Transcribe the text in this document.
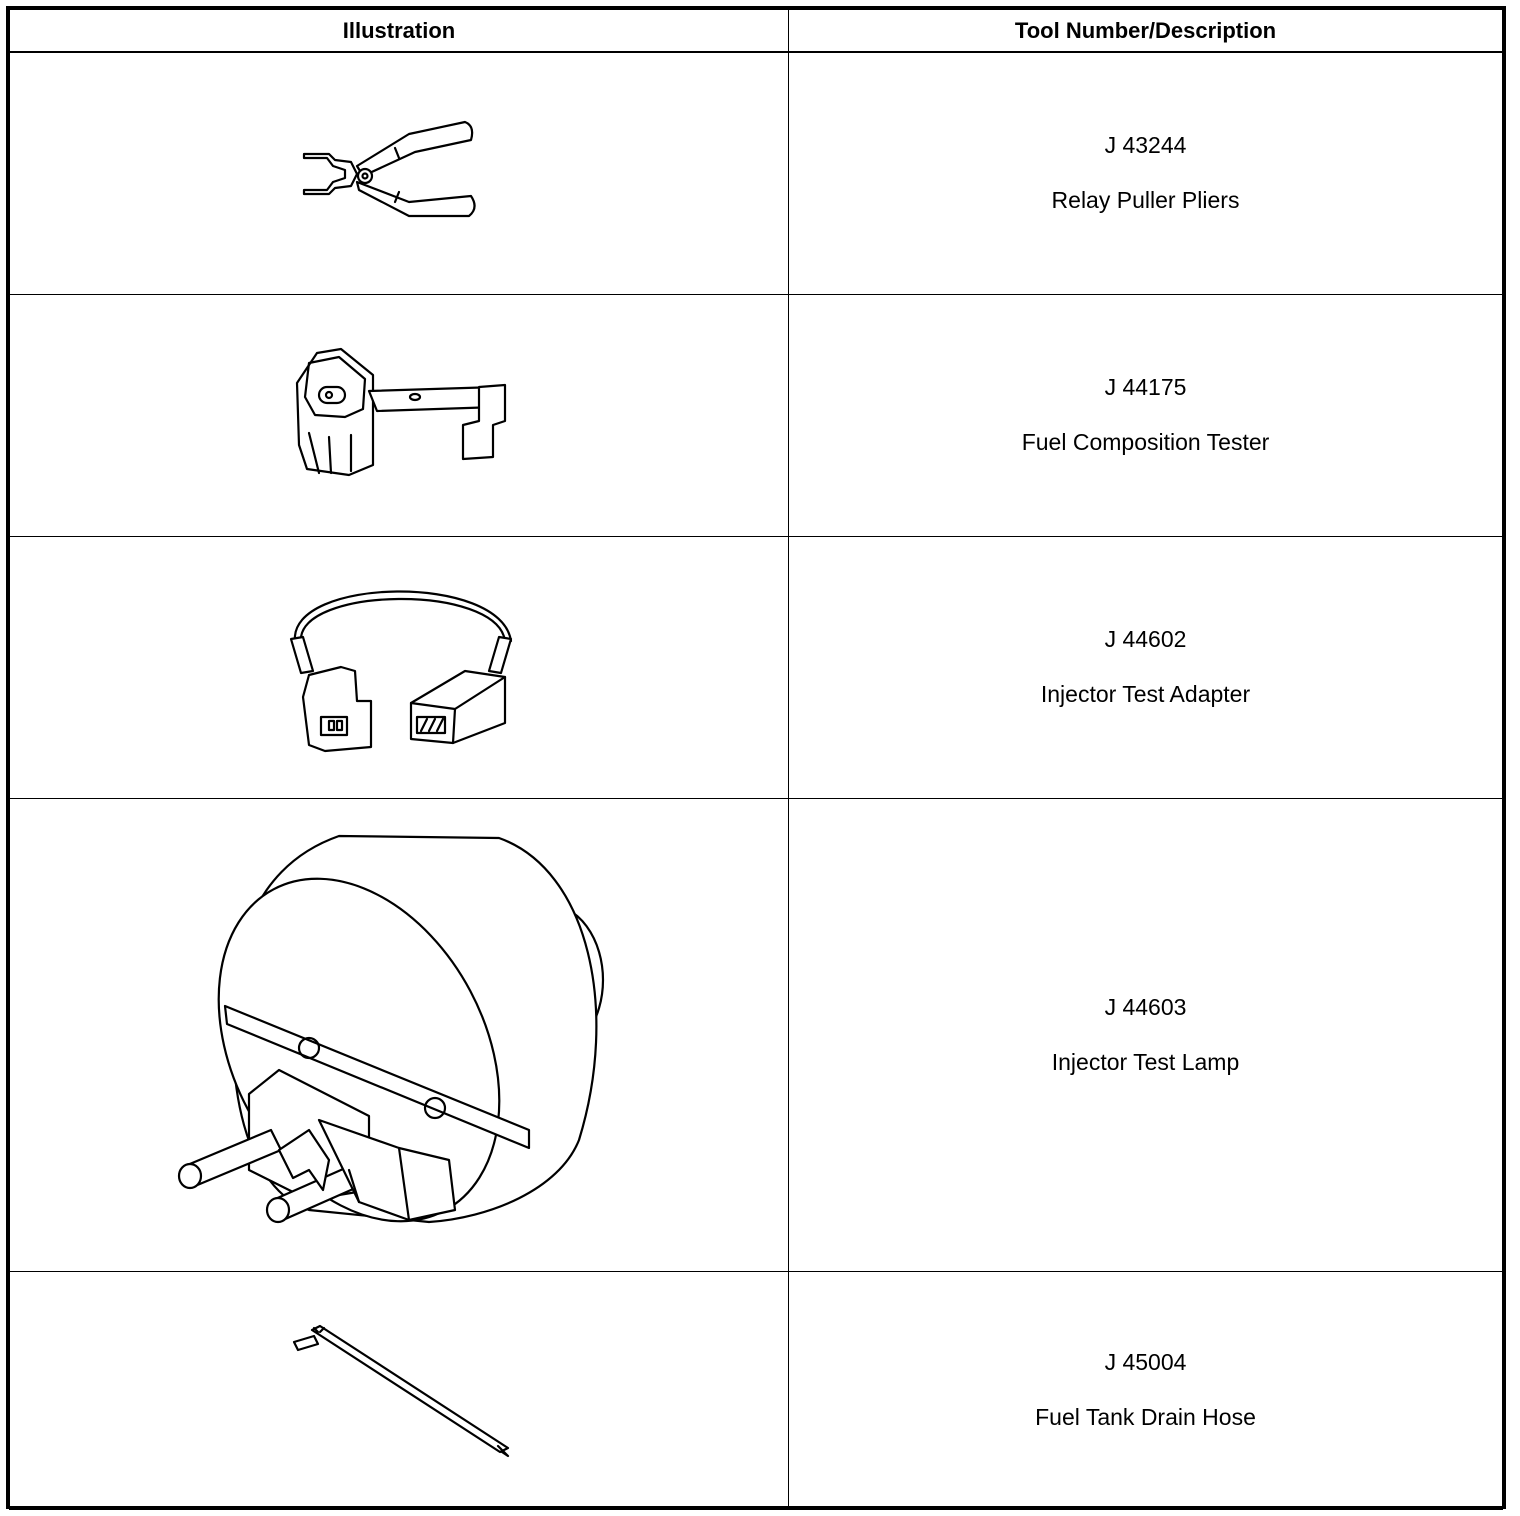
Illustration	Tool Number/Description

J 43244
Relay Puller Pliers

J 44175
Fuel Composition Tester

J 44602
Injector Test Adapter

J 44603
Injector Test Lamp

J 45004
Fuel Tank Drain Hose
